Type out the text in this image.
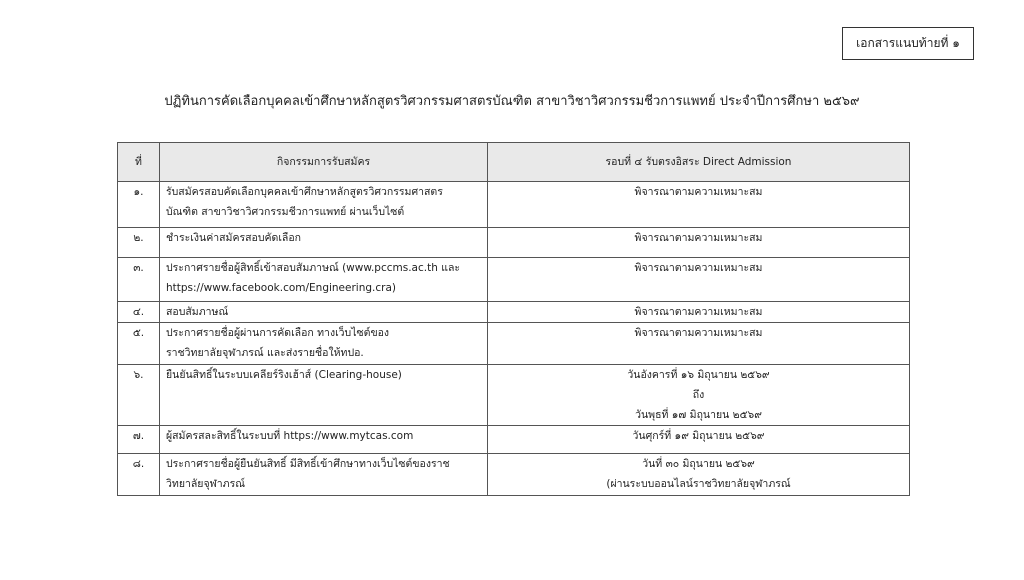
เอกสารแนบท้ายที่ ๑
ปฏิทินการคัดเลือกบุคคลเข้าศึกษาหลักสูตรวิศวกรรมศาสตรบัณฑิต สาขาวิชาวิศวกรรมชีวการแพทย์ ประจำปีการศึกษา ๒๕๖๙
ที่	กิจกรรมการรับสมัคร	รอบที่ ๔ รับตรงอิสระ Direct Admission
๑.	รับสมัครสอบคัดเลือกบุคคลเข้าศึกษาหลักสูตรวิศวกรรมศาสตร
บัณฑิต สาขาวิชาวิศวกรรมชีวการแพทย์ ผ่านเว็บไซต์	พิจารณาตามความเหมาะสม

๒.	ชำระเงินค่าสมัครสอบคัดเลือก	พิจารณาตามความเหมาะสม

๓.	ประกาศรายชื่อผู้สิทธิ์เข้าสอบสัมภาษณ์ (www.pccms.ac.th และ
https://www.facebook.com/Engineering.cra)	พิจารณาตามความเหมาะสม

๔.	สอบสัมภาษณ์	พิจารณาตามความเหมาะสม

๕.	ประกาศรายชื่อผู้ผ่านการคัดเลือก ทางเว็บไซต์ของ
ราชวิทยาลัยจุฬาภรณ์ และส่งรายชื่อให้ทปอ.	พิจารณาตามความเหมาะสม

๖.	ยืนยันสิทธิ์ในระบบเคลียร์ริงเฮ้าส์ (Clearing-house)	วันอังคารที่ ๑๖ มิถุนายน ๒๕๖๙
ถึง
วันพุธที่ ๑๗ มิถุนายน ๒๕๖๙

๗.	ผู้สมัครสละสิทธิ์ในระบบที่ https://www.mytcas.com	วันศุกร์ที่ ๑๙ มิถุนายน ๒๕๖๙

๘.	ประกาศรายชื่อผู้ยืนยันสิทธิ์ มีสิทธิ์เข้าศึกษาทางเว็บไซต์ของราช
วิทยาลัยจุฬาภรณ์	วันที่ ๓๐ มิถุนายน ๒๕๖๙
(ผ่านระบบออนไลน์ราชวิทยาลัยจุฬาภรณ์
